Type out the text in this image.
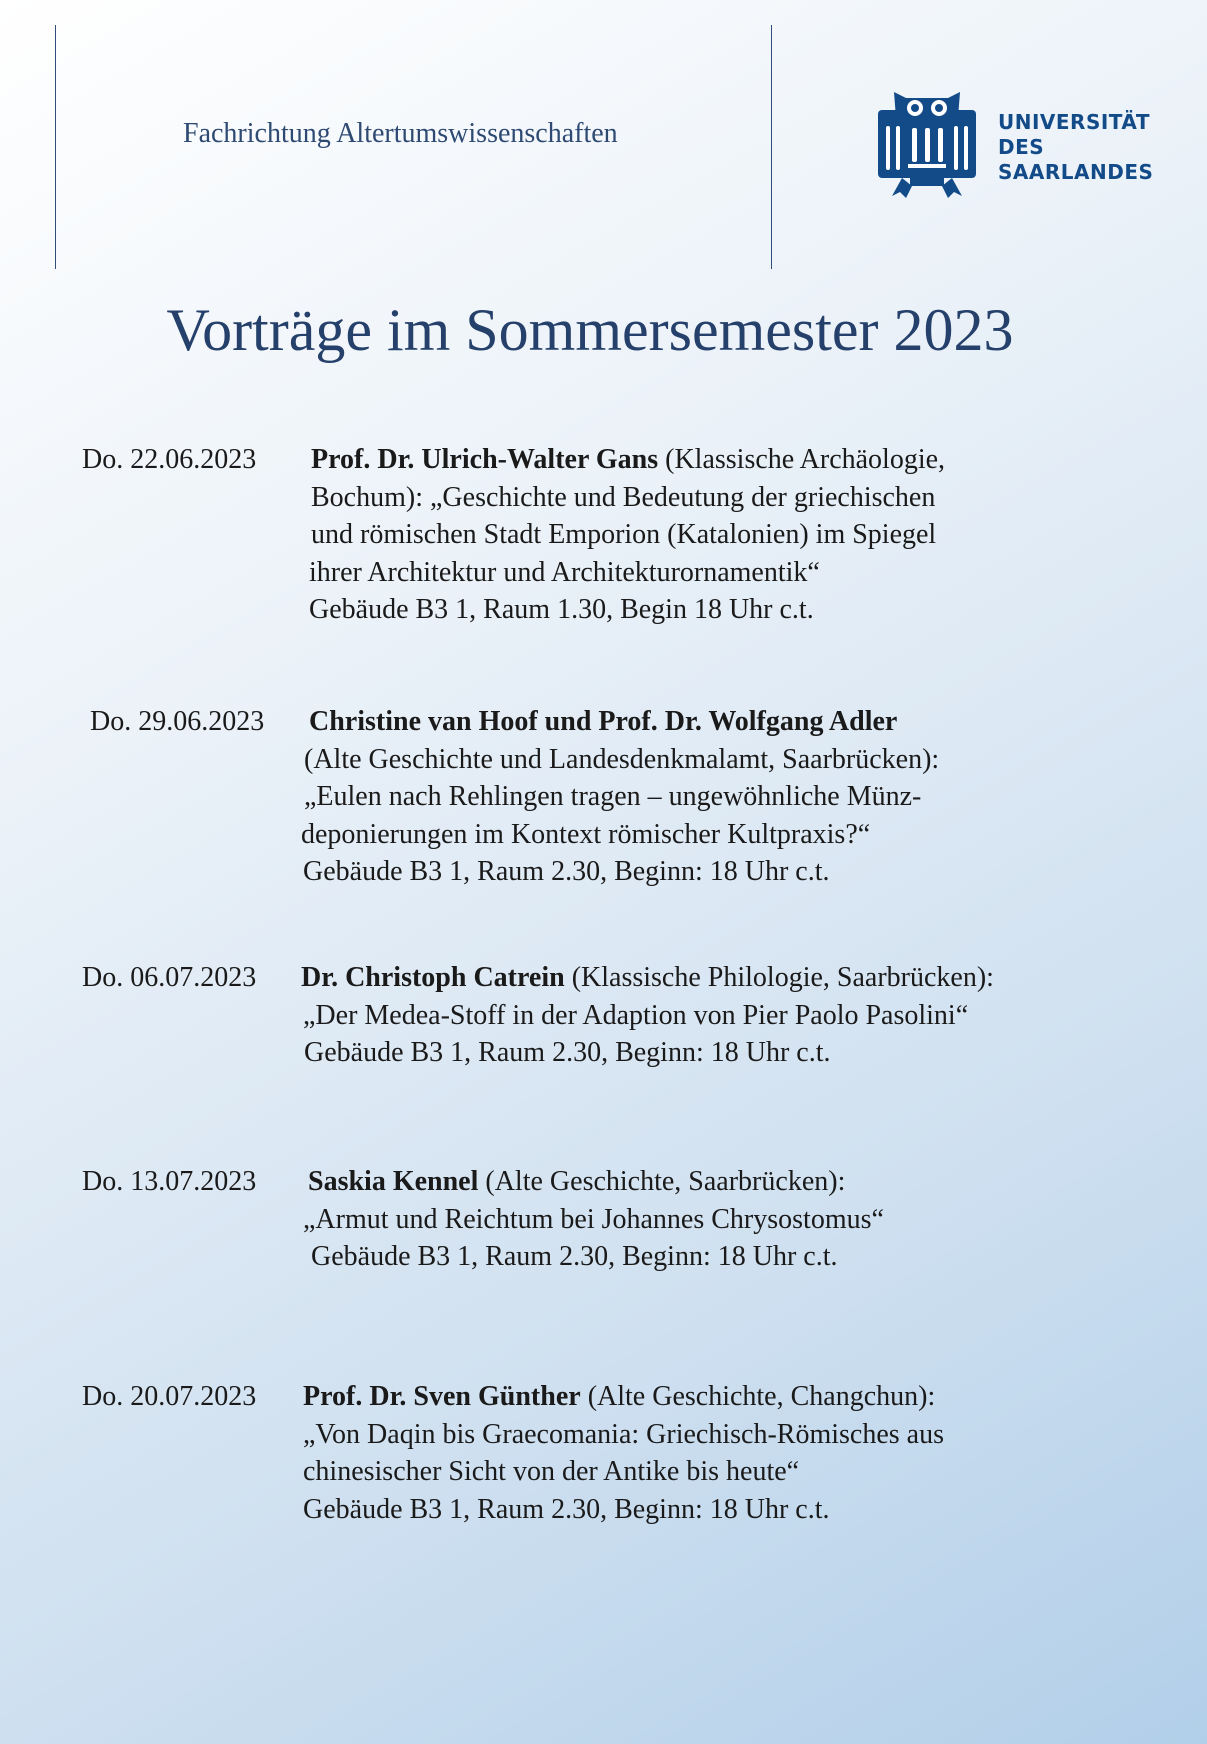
Fachrichtung Altertumswissenschaften	UNIVERSITÄT
DES
SAARLANDES
Vorträge im Sommersemester 2023
Do. 22.06.2023 Prof. Dr. Ulrich-Walter Gans (Klassische Archäologie,
Bochum): „Geschichte und Bedeutung der griechischen
und römischen Stadt Emporion (Katalonien) im Spiegel
ihrer Architektur und Architekturornamentik“
Gebäude B3 1, Raum 1.30, Begin 18 Uhr c.t.
Do. 29.06.2023 Christine van Hoof und Prof. Dr. Wolfgang Adler
(Alte Geschichte und Landesdenkmalamt, Saarbrücken):
„Eulen nach Rehlingen tragen – ungewöhnliche Münz-
deponierungen im Kontext römischer Kultpraxis?“
Gebäude B3 1, Raum 2.30, Beginn: 18 Uhr c.t.
Do. 06.07.2023 Dr. Christoph Catrein (Klassische Philologie, Saarbrücken):
„Der Medea-Stoff in der Adaption von Pier Paolo Pasolini“
Gebäude B3 1, Raum 2.30, Beginn: 18 Uhr c.t.
Do. 13.07.2023 Saskia Kennel (Alte Geschichte, Saarbrücken):
„Armut und Reichtum bei Johannes Chrysostomus“
Gebäude B3 1, Raum 2.30, Beginn: 18 Uhr c.t.
Do. 20.07.2023 Prof. Dr. Sven Günther (Alte Geschichte, Changchun):
„Von Daqin bis Graecomania: Griechisch-Römisches aus
chinesischer Sicht von der Antike bis heute“
Gebäude B3 1, Raum 2.30, Beginn: 18 Uhr c.t.
